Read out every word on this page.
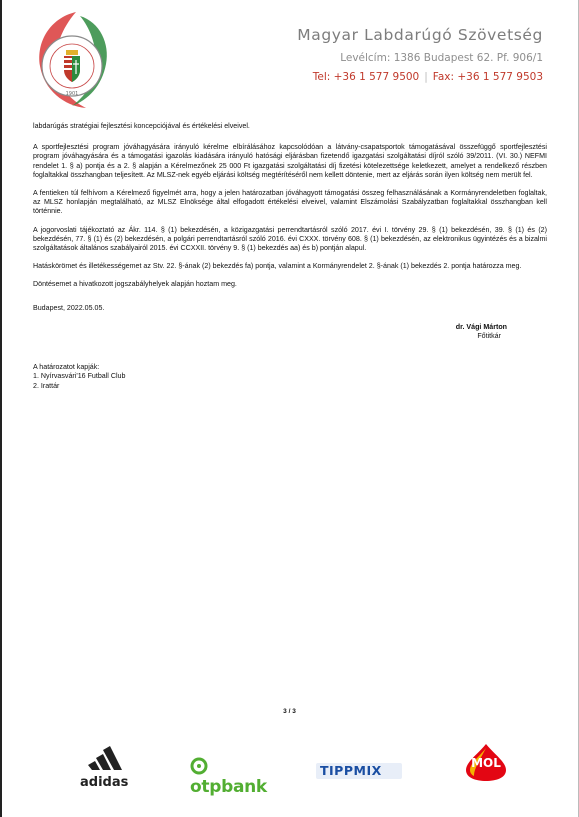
1901
Magyar Labdarúgó Szövetség
Levélcím: 1386 Budapest 62. Pf. 906/1
Tel: +36 1 577 9500 | Fax: +36 1 577 9503

labdarúgás stratégiai fejlesztési koncepciójával és értékelési elveivel.

A sportfejlesztési program jóváhagyására irányuló kérelme elbírálásához kapcsolódóan a látvány-csapatsportok támogatásával összefüggő sportfejlesztési program jóváhagyására és a támogatási igazolás kiadására irányuló hatósági eljárásban fizetendő igazgatási szolgáltatási díjról szóló 39/2011. (VI. 30.) NEFMI rendelet 1. § a) pontja és a 2. § alapján a Kérelmezőnek 25 000 Ft igazgatási szolgáltatási díj fizetési kötelezettsége keletkezett, amelyet a rendelkező részben foglaltakkal összhangban teljesített. Az MLSZ-nek egyéb eljárási költség megtérítéséről nem kellett döntenie, mert az eljárás során ilyen költség nem merült fel.

A fentieken túl felhívom a Kérelmező figyelmét arra, hogy a jelen határozatban jóváhagyott támogatási összeg felhasználásának a Kormányrendeletben foglaltak, az MLSZ honlapján megtalálható, az MLSZ Elnöksége által elfogadott értékelési elveivel, valamint Elszámolási Szabályzatban foglaltakkal összhangban kell történnie.

A jogorvoslati tájékoztató az Ákr. 114. § (1) bekezdésén, a közigazgatási perrendtartásról szóló 2017. évi I. törvény 29. § (1) bekezdésén, 39. § (1) és (2) bekezdésén, 77. § (1) és (2) bekezdésén, a polgári perrendtartásról szóló 2016. évi CXXX. törvény 608. § (1) bekezdésén, az elektronikus ügyintézés és a bizalmi szolgáltatások általános szabályairól 2015. évi CCXXII. törvény 9. § (1) bekezdés aa) és b) pontján alapul.

Hatáskörömet és illetékességemet az Stv. 22. §-ának (2) bekezdés fa) pontja, valamint a Kormányrendelet 2. §-ának (1) bekezdés 2. pontja határozza meg.

Döntésemet a hivatkozott jogszabályhelyek alapján hoztam meg.

Budapest, 2022.05.05.
dr. Vági Márton
Főtitkár
A határozatot kapják:
1. Nyírvasvári'16 Futball Club
2. Irattár
3 / 3
adidas	otpbank
TIPPMIX	MOL
